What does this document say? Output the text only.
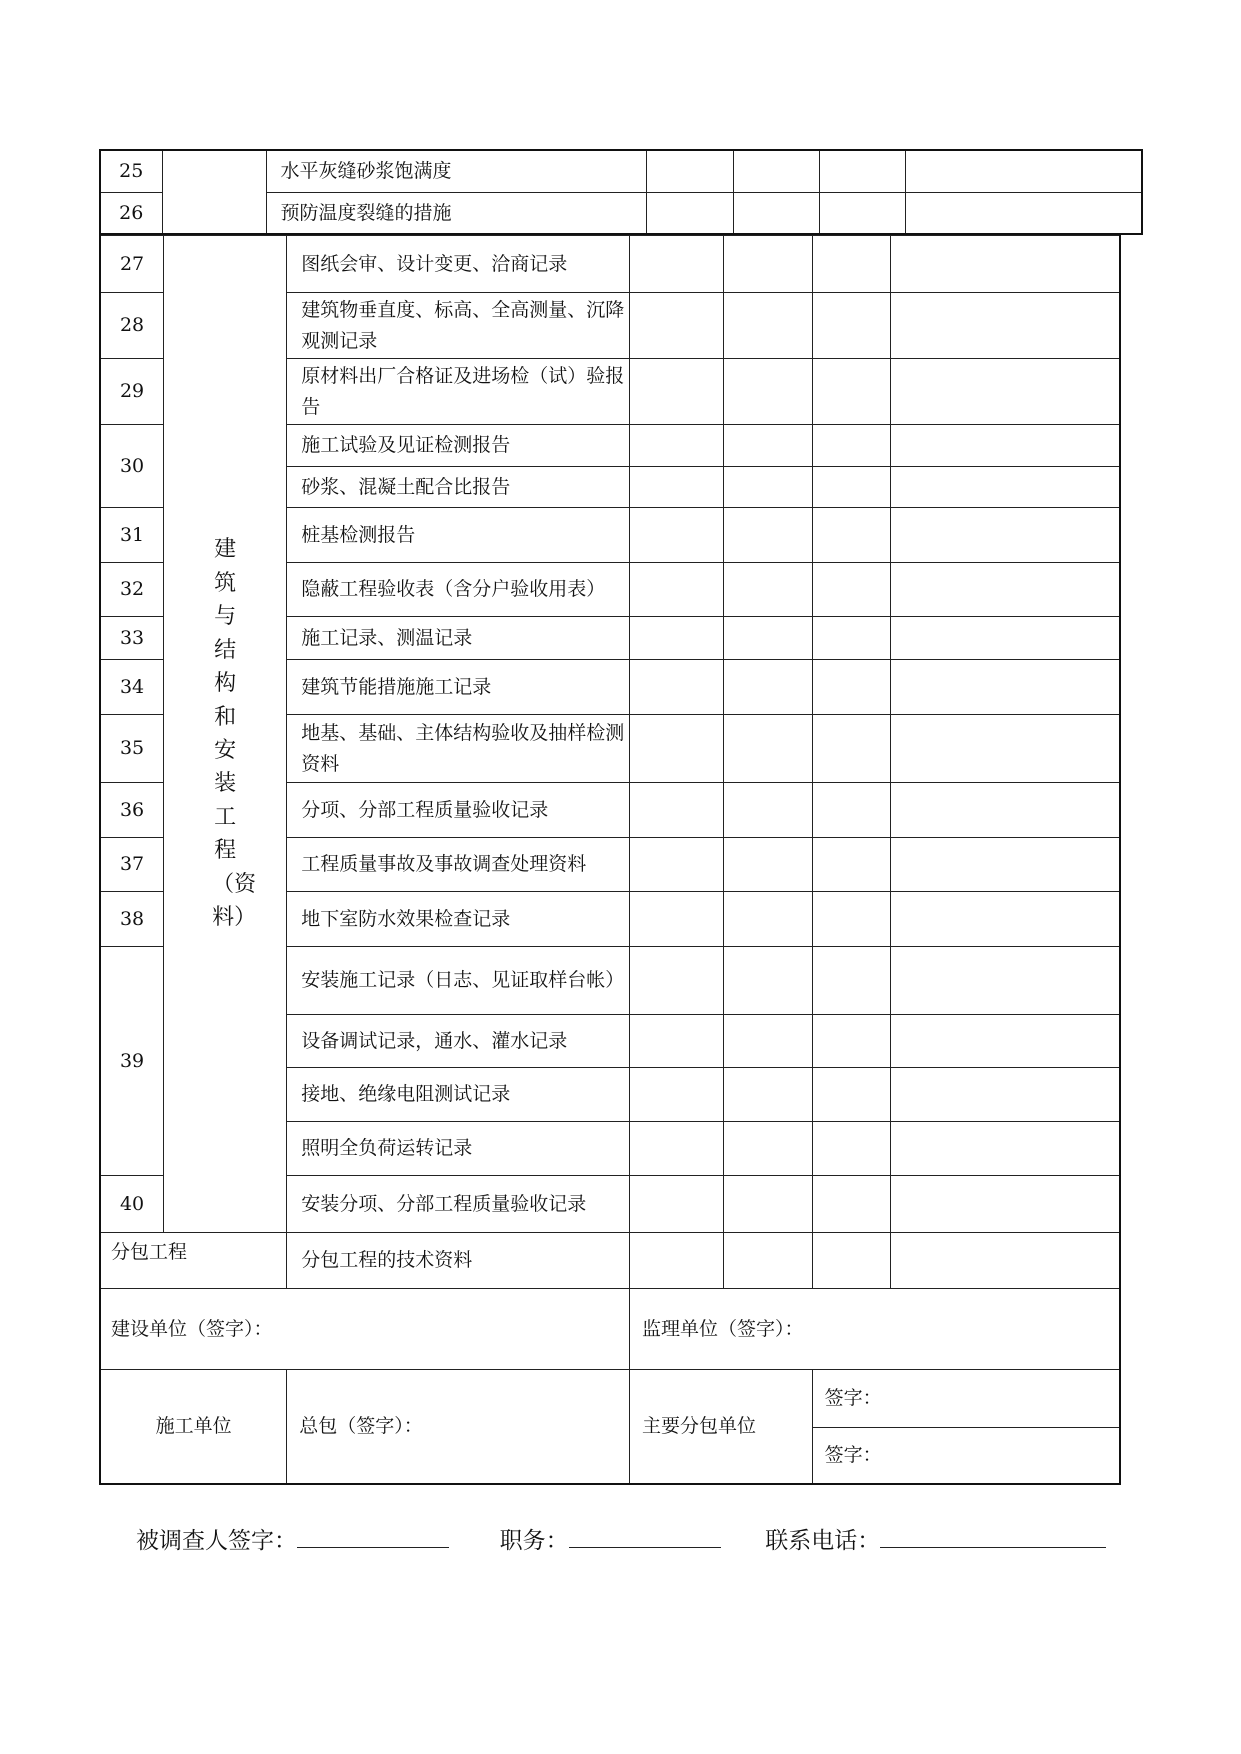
25		水平灰缝砂浆饱满度				
26		预防温度裂缝的措施				
27	建筑与结构和安装工程（资料）	图纸会审、设计变更、洽商记录				
28		建筑物垂直度、标高、全高测量、沉降观测记录				
29		原材料出厂合格证及进场检（试）验报告				
30		施工试验及见证检测报告				
		砂浆、混凝土配合比报告				
31		桩基检测报告				
32		隐蔽工程验收表（含分户验收用表）				
33		施工记录、测温记录				
34		建筑节能措施施工记录				
35		地基、基础、主体结构验收及抽样检测资料				
36		分项、分部工程质量验收记录				
37		工程质量事故及事故调查处理资料				
38		地下室防水效果检查记录				
39		安装施工记录（日志、见证取样台帐）				
		设备调试记录，通水、灌水记录				
		接地、绝缘电阻测试记录				
		照明全负荷运转记录				
40		安装分项、分部工程质量验收记录				
分包工程		分包工程的技术资料				
建设单位（签字）：			监理单位（签字）：			
施工单位		总包（签字）：	主要分包单位		签字：	
					签字：	
被调查人签字：	职务：	联系电话：
